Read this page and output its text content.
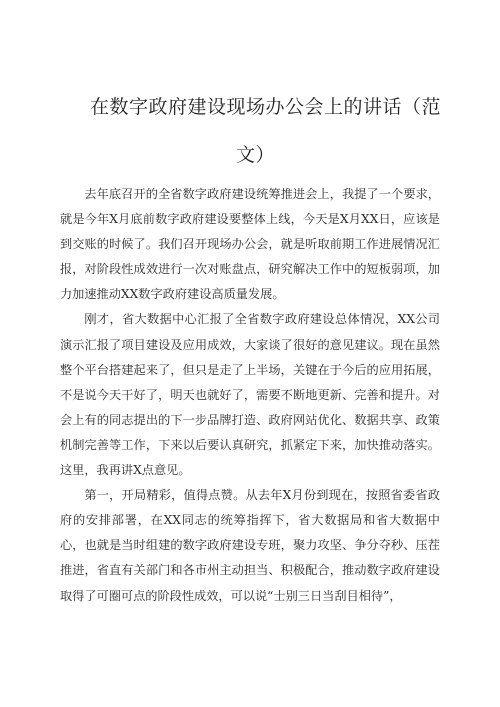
在数字政府建设现场办公会上的讲话（范
文）

去年底召开的全省数字政府建设统筹推进会上，我提了一个要求，就是今年X月底前数字政府建设要整体上线，今天是X月XX日，应该是到交账的时候了。我们召开现场办公会，就是听取前期工作进展情况汇报，对阶段性成效进行一次对账盘点，研究解决工作中的短板弱项，加力加速推动XX数字政府建设高质量发展。

刚才，省大数据中心汇报了全省数字政府建设总体情况，XX公司演示汇报了项目建设及应用成效，大家谈了很好的意见建议。现在虽然整个平台搭建起来了，但只是走了上半场，关键在于今后的应用拓展，不是说今天干好了，明天也就好了，需要不断地更新、完善和提升。对会上有的同志提出的下一步品牌打造、政府网站优化、数据共享、政策机制完善等工作，下来以后要认真研究，抓紧定下来，加快推动落实。这里，我再讲X点意见。

第一，开局精彩，值得点赞。从去年X月份到现在，按照省委省政府的安排部署，在XX同志的统筹指挥下，省大数据局和省大数据中心，也就是当时组建的数字政府建设专班，聚力攻坚、争分夺秒、压茬推进，省直有关部门和各市州主动担当、积极配合，推动数字政府建设取得了可圈可点的阶段性成效，可以说“士别三日当刮目相待”，
